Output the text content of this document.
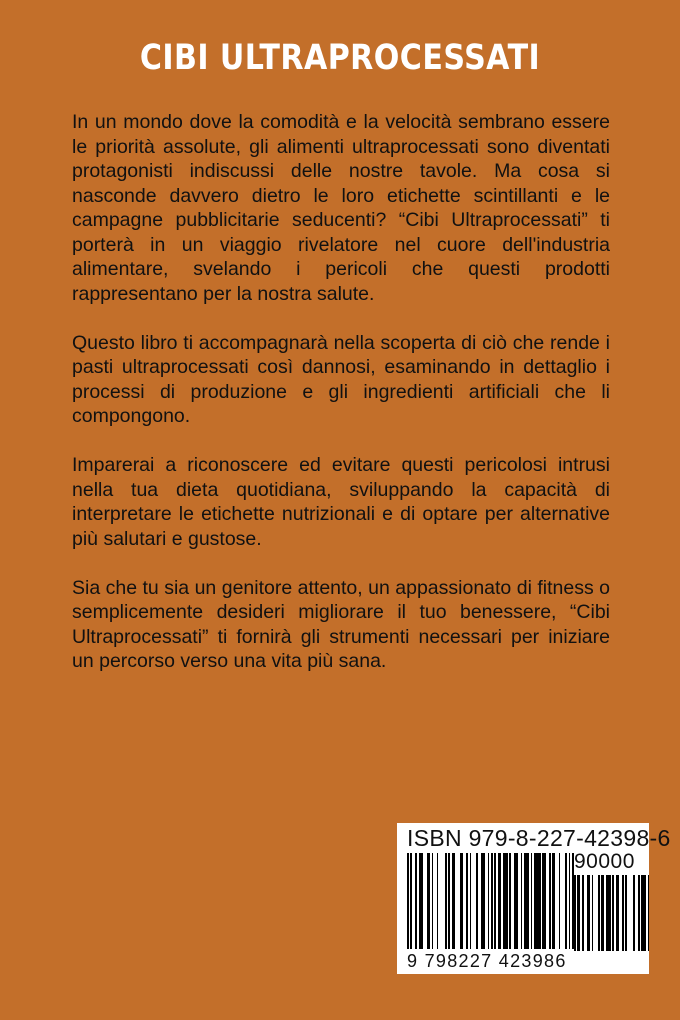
CIBI ULTRAPROCESSATI

In un mondo dove la comodità e la velocità sembrano essere le priorità assolute, gli alimenti ultraprocessati sono diventati protagonisti indiscussi delle nostre tavole. Ma cosa si nasconde davvero dietro le loro etichette scintillanti e le campagne pubblicitarie seducenti? “Cibi Ultraprocessati” ti porterà in un viaggio rivelatore nel cuore dell'industria alimentare, svelando i pericoli che questi prodotti rappresentano per la nostra salute.

Questo libro ti accompagnarà nella scoperta di ciò che rende i pasti ultraprocessati così dannosi, esaminando in dettaglio i processi di produzione e gli ingredienti artificiali che li compongono.

Imparerai a riconoscere ed evitare questi pericolosi intrusi nella tua dieta quotidiana, sviluppando la capacità di interpretare le etichette nutrizionali e di optare per alternative più salutari e gustose.

Sia che tu sia un genitore attento, un appassionato di fitness o semplicemente desideri migliorare il tuo benessere, “Cibi Ultraprocessati” ti fornirà gli strumenti necessari per iniziare un percorso verso una vita più sana.

ISBN 979-8-227-42398-6
90000
9 798227 423986
